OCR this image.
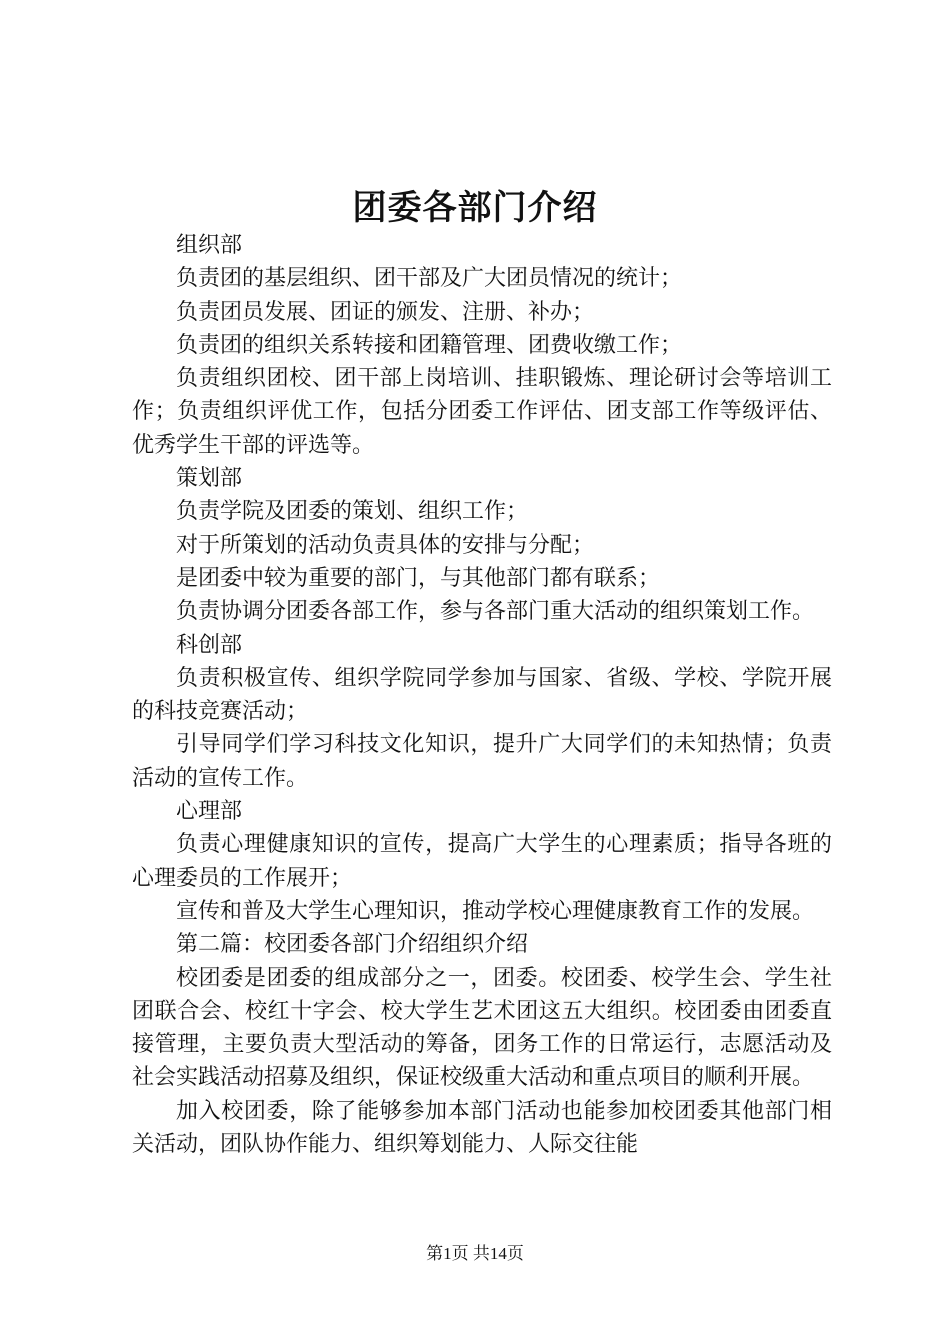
团委各部门介绍

组织部

负责团的基层组织、团干部及广大团员情况的统计；

负责团员发展、团证的颁发、注册、补办；

负责团的组织关系转接和团籍管理、团费收缴工作；

负责组织团校、团干部上岗培训、挂职锻炼、理论研讨会等培训工作；负责组织评优工作，包括分团委工作评估、团支部工作等级评估、优秀学生干部的评选等。

策划部

负责学院及团委的策划、组织工作；

对于所策划的活动负责具体的安排与分配；

是团委中较为重要的部门，与其他部门都有联系；

负责协调分团委各部工作，参与各部门重大活动的组织策划工作。

科创部

负责积极宣传、组织学院同学参加与国家、省级、学校、学院开展的科技竞赛活动；

引导同学们学习科技文化知识，提升广大同学们的未知热情；负责活动的宣传工作。

心理部

负责心理健康知识的宣传，提高广大学生的心理素质；指导各班的心理委员的工作展开；

宣传和普及大学生心理知识，推动学校心理健康教育工作的发展。

第二篇：校团委各部门介绍组织介绍

校团委是团委的组成部分之一，团委。校团委、校学生会、学生社团联合会、校红十字会、校大学生艺术团这五大组织。校团委由团委直接管理，主要负责大型活动的筹备，团务工作的日常运行，志愿活动及社会实践活动招募及组织，保证校级重大活动和重点项目的顺利开展。

加入校团委，除了能够参加本部门活动也能参加校团委其他部门相关活动，团队协作能力、组织筹划能力、人际交往能

第1页 共14页
